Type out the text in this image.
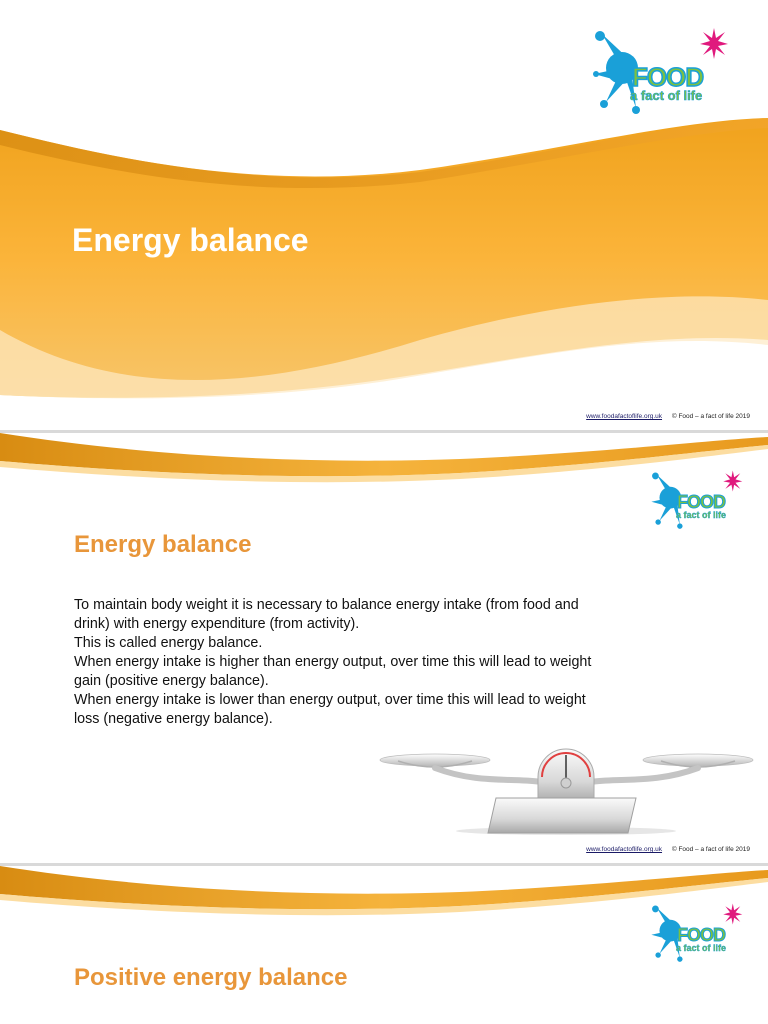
FOOD
a fact of life
Energy balance
www.foodafactoflife.org.uk © Food – a fact of life 2019
FOOD
a fact of life
Energy balance
To maintain body weight it is necessary to balance energy intake (from food and drink) with energy expenditure (from activity).
This is called energy balance.
When energy intake is higher than energy output, over time this will lead to weight gain (positive energy balance).
When energy intake is lower than energy output, over time this will lead to weight loss (negative energy balance).
www.foodafactoflife.org.uk © Food – a fact of life 2019
FOOD
a fact of life
Positive energy balance
